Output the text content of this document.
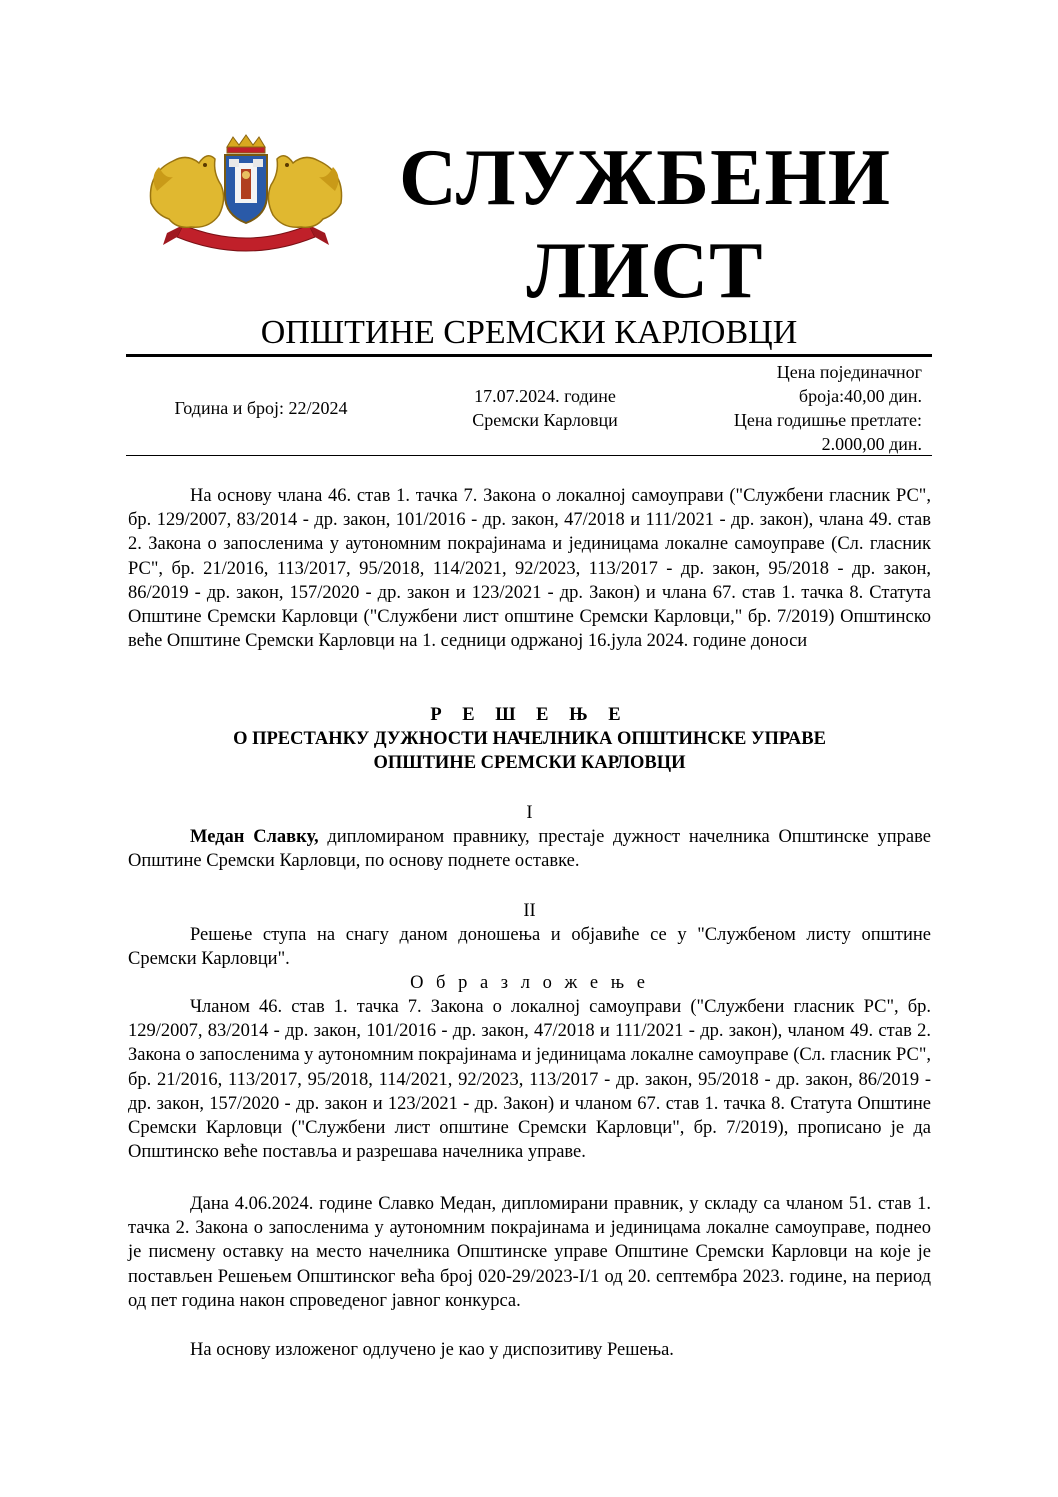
СЛУЖБЕНИ
ЛИСТ
ОПШТИНЕ СРЕМСКИ КАРЛОВЦИ
Година и број: 22/2024
17.07.2024. године
Сремски Карловци
Цена појединачног
броја:40,00 дин.
Цена годишње претлате:
2.000,00 дин.
На основу члана 46. став 1. тачка 7. Закона о локалној самоуправи ("Службени гласник РС", бр. 129/2007, 83/2014 - др. закон, 101/2016 - др. закон, 47/2018 и 111/2021 - др. закон), члана 49. став 2. Закона о запосленима у аутономним покрајинама и јединицама локалне самоуправе (Сл. гласник РС", бр. 21/2016, 113/2017, 95/2018, 114/2021, 92/2023, 113/2017 - др. закон, 95/2018 - др. закон, 86/2019 - др. закон, 157/2020 - др. закон и 123/2021 - др. Закон) и члана 67. став 1. тачка 8. Статута Општине Сремски Карловци ("Службени лист општине Сремски Карловци," бр. 7/2019) Општинско веће Општине Сремски Карловци на 1. седници одржаној 16.јула 2024. године доноси
Р Е Ш Е Њ Е
О ПРЕСТАНКУ ДУЖНОСТИ НАЧЕЛНИКА ОПШТИНСКЕ УПРАВЕ
ОПШТИНЕ СРЕМСКИ КАРЛОВЦИ
I
Медан Славку, дипломираном правнику, престаје дужност начелника Општинске управе Општине Сремски Карловци, по основу поднете оставке.
II
Решење ступа на снагу даном доношења и објавиће се у "Службеном листу општине Сремски Карловци".
О б р а з л о ж е њ е
Чланом 46. став 1. тачка 7. Закона о локалној самоуправи ("Службени гласник РС", бр. 129/2007, 83/2014 - др. закон, 101/2016 - др. закон, 47/2018 и 111/2021 - др. закон), чланом 49. став 2. Закона о запосленима у аутономним покрајинама и јединицама локалне самоуправе (Сл. гласник РС", бр. 21/2016, 113/2017, 95/2018, 114/2021, 92/2023, 113/2017 - др. закон, 95/2018 - др. закон, 86/2019 - др. закон, 157/2020 - др. закон и 123/2021 - др. Закон) и чланом 67. став 1. тачка 8. Статута Општине Сремски Карловци ("Службени лист општине Сремски Карловци", бр. 7/2019), прописано је да Општинско веће поставља и разрешава начелника управе.
Дана 4.06.2024. године Славко Медан, дипломирани правник, у складу са чланом 51. став 1. тачка 2. Закона о запосленима у аутономним покрајинама и јединицама локалне самоуправе, поднео је писмену оставку на место начелника Општинске управе Општине Сремски Карловци на које је постављен Решењем Општинског већа број 020-29/2023-I/1 од 20. септембра 2023. године, на период од пет година након спроведеног јавног конкурса.
На основу изложеног одлучено је као у диспозитиву Решења.
